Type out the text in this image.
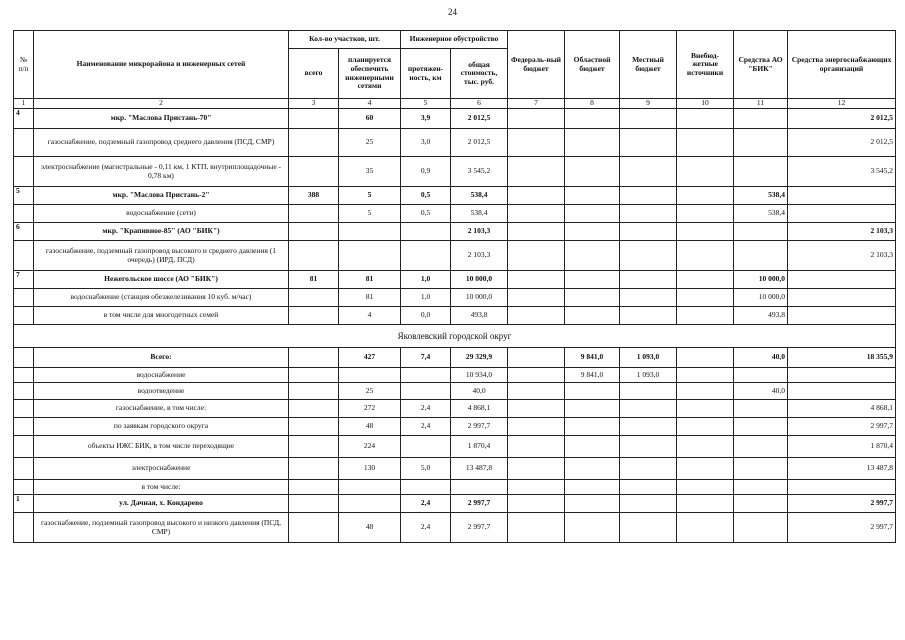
24
№ п/п	Наименование микрорайона и инженерных сетей	Кол-во участков, шт.		Инженерное обустройство		Федераль-ный бюджет	Областной бюджет	Местный бюджет	Внебюд-жетные источники	Средства АО "БИК"	Средства энергоснабжающих организаций
		всего	планируется обеспечить инженерными сетями	протяжен-ность, км	общая стоимость, тыс. руб.						
1	2	3	4	5	6	7	8	9	10	11	12
4	мкр. "Маслова Пристань-70"		60	3,9	2 012,5						2 012,5
	газоснабжение, подземный газопровод среднего давления (ПСД, СМР)		25	3,0	2 012,5						2 012,5
	электроснабжение (магистральные - 0,11 км, 1 КТП, внутриплощадочные - 0,78 км)		35	0,9	3 545,2						3 545,2
5	мкр. "Маслова Пристань-2"	388	5	0,5	538,4					538,4	
	водоснабжение (сети)		5	0,5	538,4					538,4	
6	мкр. "Крапивное-85" (АО "БИК")				2 103,3						2 103,3
	газоснабжение, подземный газопровод высокого и среднего давления (1 очередь) (ИРД, ПСД)				2 103,3						2 103,3
7	Нежегольское шоссе (АО "БИК")	81	81	1,0	10 000,0					10 000,0	
	водоснабжение (станция обезжелезивания 10 куб. м/час)		81	1,0	10 000,0					10 000,0	
	в том числе для многодетных семей		4	0,0	493,8					493,8	
Яковлевский городской округ											
	Всего:		427	7,4	29 329,9		9 841,0	1 093,0		40,0	18 355,9
	водоснабжение				10 934,0		9 841,0	1 093,0			
	водоотведение		25		40,0					40,0	
	газоснабжение, в том числе:		272	2,4	4 868,1						4 868,1
	по заявкам городского округа		48	2,4	2 997,7						2 997,7
	объекты ИЖС БИК, в том числе переходящие		224		1 870,4						1 870,4
	электроснабжение		130	5,0	13 487,8						13 487,8
	в том числе:										
1	ул. Дачная, х. Кондарево			2,4	2 997,7						2 997,7
	газоснабжение, подземный газопровод высокого и низкого давления (ПСД, СМР)		48	2,4	2 997,7						2 997,7
